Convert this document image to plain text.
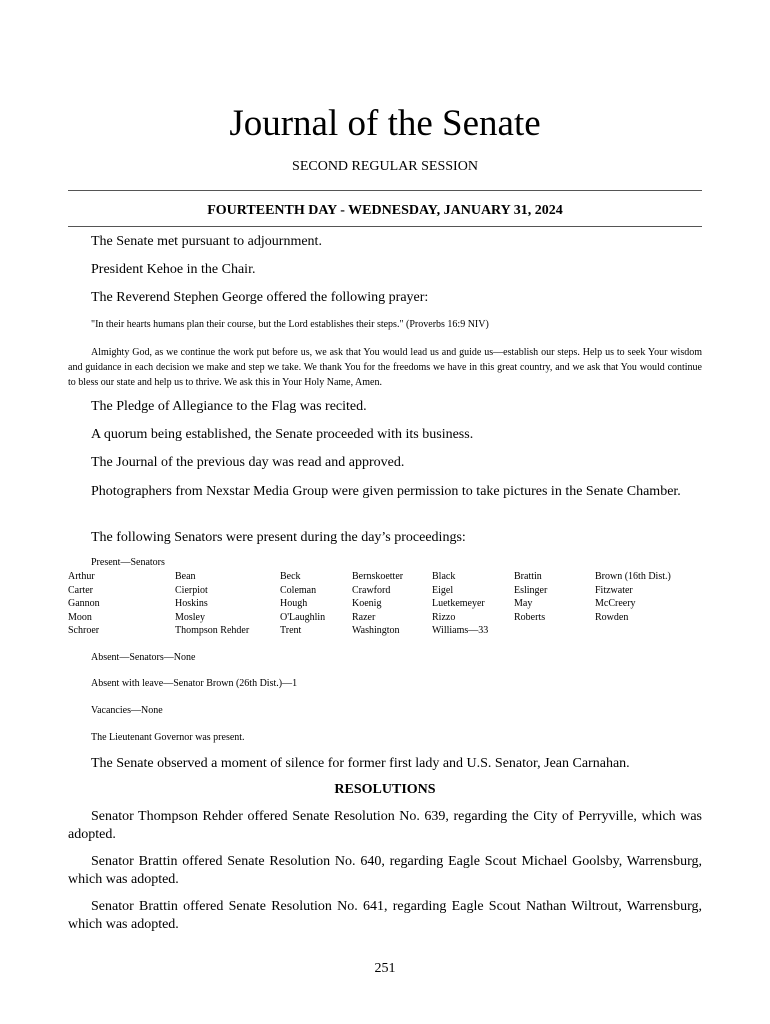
Journal of the Senate
SECOND REGULAR SESSION
FOURTEENTH DAY - WEDNESDAY, JANUARY 31, 2024

The Senate met pursuant to adjournment.

President Kehoe in the Chair.

The Reverend Stephen George offered the following prayer:

"In their hearts humans plan their course, but the Lord establishes their steps." (Proverbs 16:9 NIV)

Almighty God, as we continue the work put before us, we ask that You would lead us and guide us—establish our steps. Help us to seek Your wisdom and guidance in each decision we make and step we take. We thank You for the freedoms we have in this great country, and we ask that You would continue to bless our state and help us to thrive. We ask this in Your Holy Name, Amen.

The Pledge of Allegiance to the Flag was recited.

A quorum being established, the Senate proceeded with its business.

The Journal of the previous day was read and approved.

Photographers from Nexstar Media Group were given permission to take pictures in the Senate Chamber.

The following Senators were present during the day’s proceedings:

Present—Senators

Arthur
Carter
Gannon
Moon
Schroer
Bean
Cierpiot
Hoskins
Mosley
Thompson Rehder
Beck
Coleman
Hough
O'Laughlin
Trent
Bernskoetter
Crawford
Koenig
Razer
Washington
Black
Eigel
Luetkemeyer
Rizzo
Williams—33
Brattin
Eslinger
May
Roberts
Brown (16th Dist.)
Fitzwater
McCreery
Rowden

Absent—Senators—None

Absent with leave—Senator Brown (26th Dist.)—1

Vacancies—None

The Lieutenant Governor was present.

The Senate observed a moment of silence for former first lady and U.S. Senator, Jean Carnahan.

RESOLUTIONS

Senator Thompson Rehder offered Senate Resolution No. 639, regarding the City of Perryville, which was adopted.

Senator Brattin offered Senate Resolution No. 640, regarding Eagle Scout Michael Goolsby, Warrensburg, which was adopted.

Senator Brattin offered Senate Resolution No. 641, regarding Eagle Scout Nathan Wiltrout, Warrensburg, which was adopted.

251
